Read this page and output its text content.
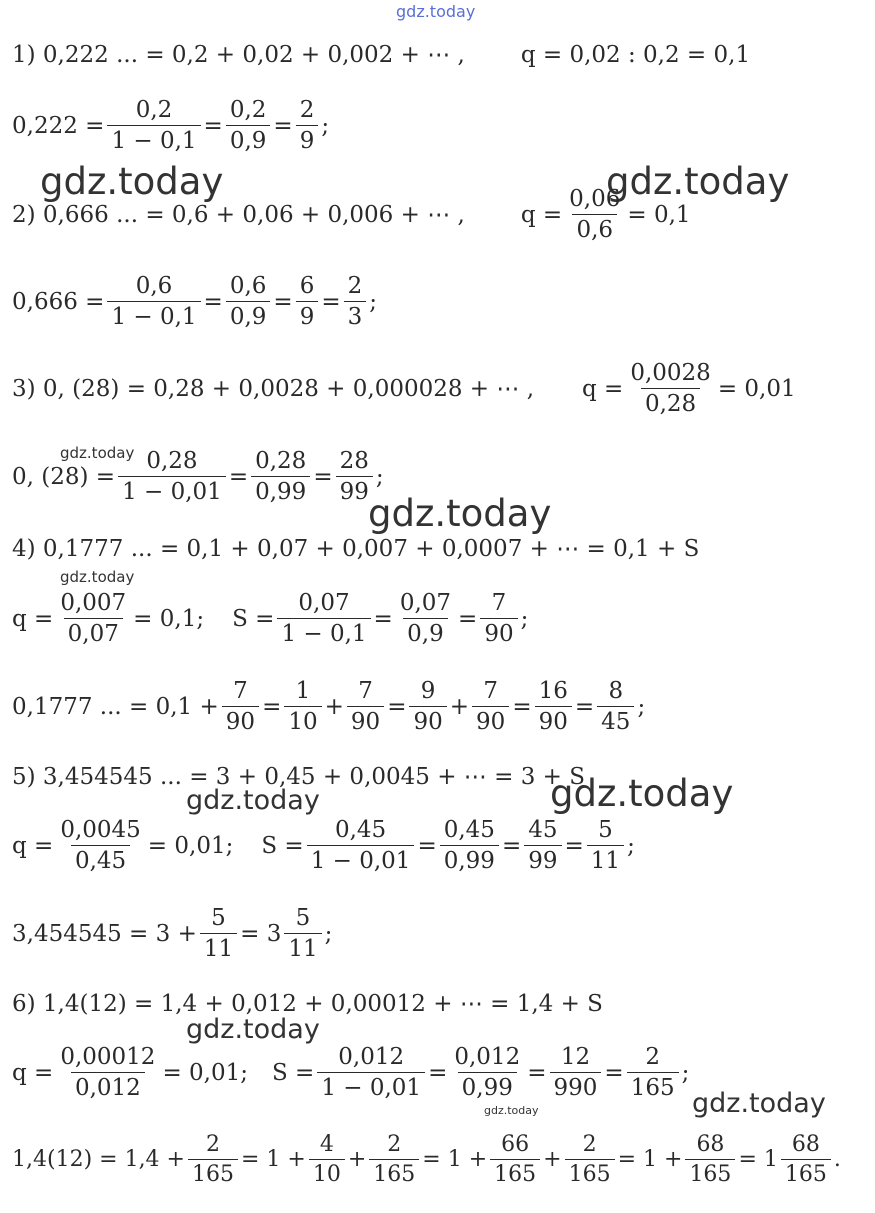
gdz.today
gdz.today	gdz.today
gdz.today
gdz.today
gdz.today
gdz.today	gdz.today
gdz.today
gdz.today	gdz.today
1) 0,222 ... = 0,2 + 0,02 + 0,002 + ⋯ , q = 0,02 : 0,2 = 0,1
$0,222 = \frac{0,2}{1 - 0,1} = \frac{0,2}{0,9} = \frac{2}{9}$ ;
2) 0,666 ... = 0,6 + 0,06 + 0,006 + ⋯ , $q = \frac{0,06}{0,6} = 0,1$
$0,666 = \frac{0,6}{1 - 0,1} = \frac{0,6}{0,9} = \frac{6}{9} = \frac{2}{3}$ ;
3) 0, (28) = 0,28 + 0,0028 + 0,000028 + ⋯ , $q = \frac{0,0028}{0,28} = 0,01$
0, $(28) = \frac{0,28}{1 - 0,01} = \frac{0,28}{0,99} = \frac{28}{99}$ ;
4) 0,1777 ... = 0,1 + 0,07 + 0,007 + 0,0007 + ⋯ = 0,1 + S
$q = \frac{0,007}{0,07} = 0,1$; $S = \frac{0,07}{1 - 0,1} = \frac{0,07}{0,9} = \frac{7}{90}$ ;
0,1777 ... = $0,1 + \frac{7}{90} = \frac{1}{10} + \frac{7}{90} = \frac{9}{90} + \frac{7}{90} = \frac{16}{90} = \frac{8}{45}$ ;
5) 3,454545 ... = 3 + 0,45 + 0,0045 + ⋯ = 3 + S
$q = \frac{0,0045}{0,45} = 0,01$; $S = \frac{0,45}{1 - 0,01} = \frac{0,45}{0,99} = \frac{45}{99} = \frac{5}{11}$ ;
$3,454545 = 3 + \frac{5}{11} = 3 \frac{5}{11}$ ;
6) 1,4(12) = 1,4 + 0,012 + 0,00012 + ⋯ = 1,4 + S
$q = \frac{0,00012}{0,012} = 0,01$; $S = \frac{0,012}{1 - 0,01} = \frac{0,012}{0,99} = \frac{12}{990} = \frac{2}{165}$ ;
$1,4(12) = 1,4 + \frac{2}{165} = 1 + \frac{4}{10} + \frac{2}{165} = 1 + \frac{66}{165} + \frac{2}{165} = 1 + \frac{68}{165} = 1 \frac{68}{165}$ .
